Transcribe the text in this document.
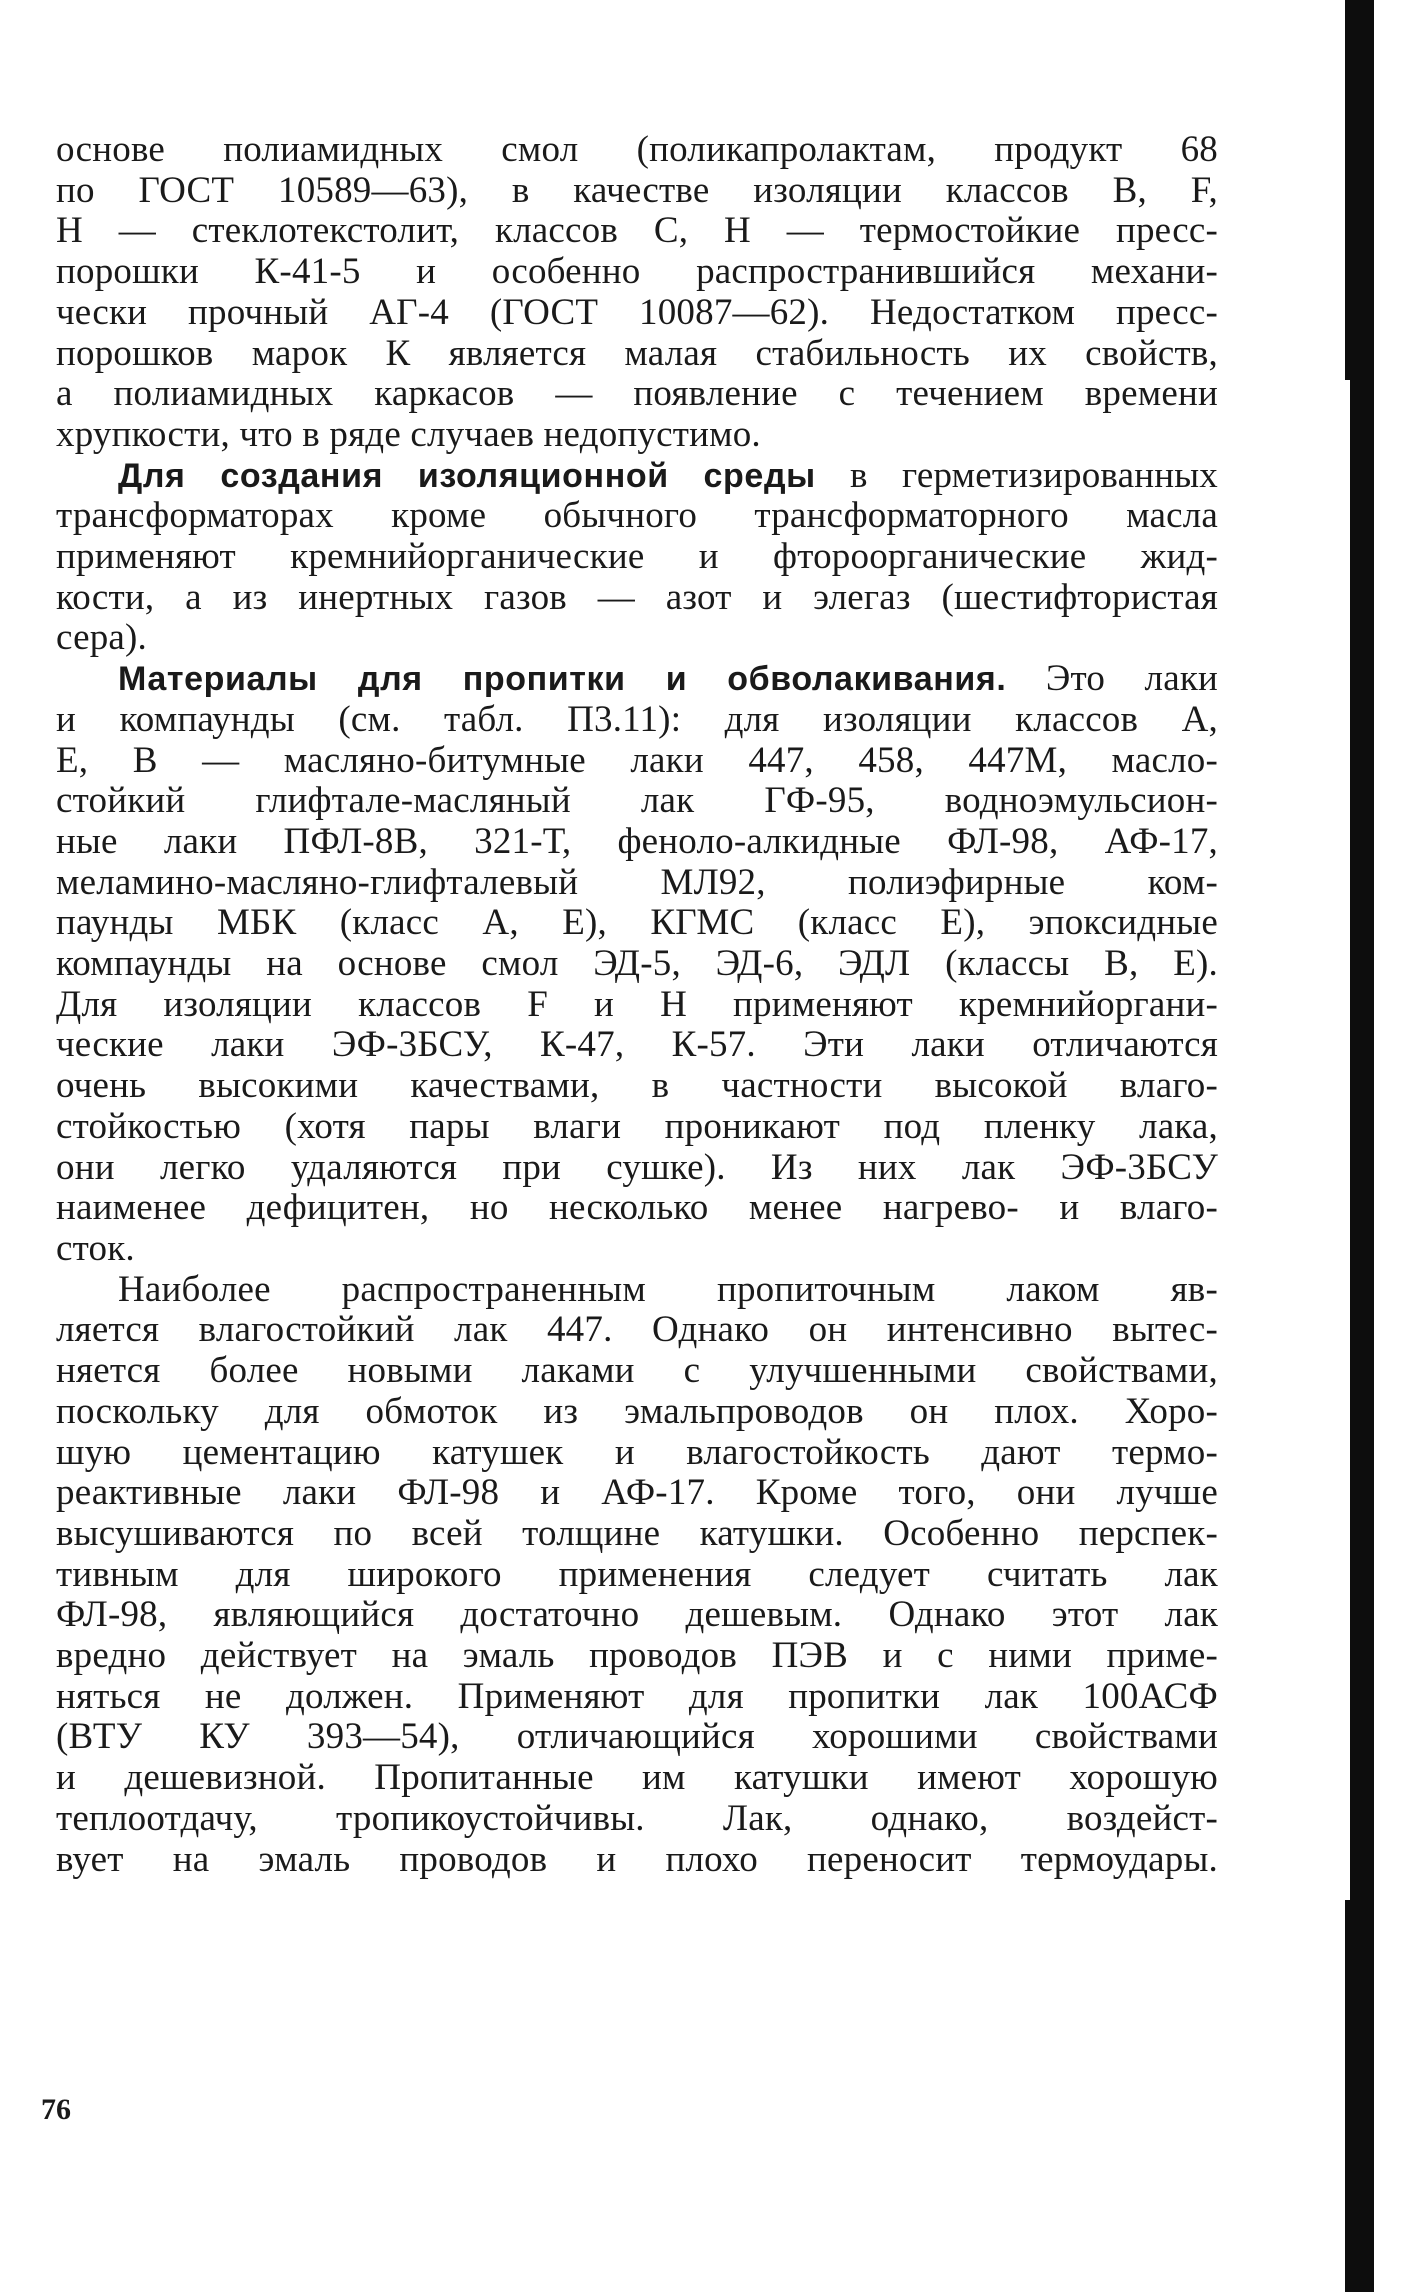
основе полиамидных смол (поликапролактам, продукт 68
по ГОСТ 10589—63), в качестве изоляции классов B, F,
H — стеклотекстолит, классов C, H — термостойкие пресс-
порошки К-41-5 и особенно распространившийся механи-
чески прочный АГ-4 (ГОСТ 10087—62). Недостатком пресс-
порошков марок К является малая стабильность их свойств,
а полиамидных каркасов — появление с течением времени
хрупкости, что в ряде случаев недопустимо.
Для создания изоляционной среды в герметизированных
трансформаторах кроме обычного трансформаторного масла
применяют кремнийорганические и фтороорганические жид-
кости, а из инертных газов — азот и элегаз (шестифтористая
сера).
Материалы для пропитки и обволакивания. Это лаки
и компаунды (см. табл. П3.11): для изоляции классов A,
E, B — масляно-битумные лаки 447, 458, 447М, масло-
стойкий глифтале-масляный лак ГФ-95, водноэмульсион-
ные лаки ПФЛ-8В, 321-Т, феноло-алкидные ФЛ-98, АФ-17,
меламино-масляно-глифталевый МЛ92, полиэфирные ком-
паунды МБК (класс A, E), КГМС (класс E), эпоксидные
компаунды на основе смол ЭД-5, ЭД-6, ЭДЛ (классы B, E).
Для изоляции классов F и H применяют кремнийоргани-
ческие лаки ЭФ-3БСУ, К-47, К-57. Эти лаки отличаются
очень высокими качествами, в частности высокой влаго-
стойкостью (хотя пары влаги проникают под пленку лака,
они легко удаляются при сушке). Из них лак ЭФ-3БСУ
наименее дефицитен, но несколько менее нагрево- и влаго-
сток.
Наиболее распространенным пропиточным лаком яв-
ляется влагостойкий лак 447. Однако он интенсивно вытес-
няется более новыми лаками с улучшенными свойствами,
поскольку для обмоток из эмальпроводов он плох. Хоро-
шую цементацию катушек и влагостойкость дают термо-
реактивные лаки ФЛ-98 и АФ-17. Кроме того, они лучше
высушиваются по всей толщине катушки. Особенно перспек-
тивным для широкого применения следует считать лак
ФЛ-98, являющийся достаточно дешевым. Однако этот лак
вредно действует на эмаль проводов ПЭВ и с ними приме-
няться не должен. Применяют для пропитки лак 100АСФ
(ВТУ КУ 393—54), отличающийся хорошими свойствами
и дешевизной. Пропитанные им катушки имеют хорошую
теплоотдачу, тропикоустойчивы. Лак, однако, воздейст-
вует на эмаль проводов и плохо переносит термоудары.
76
